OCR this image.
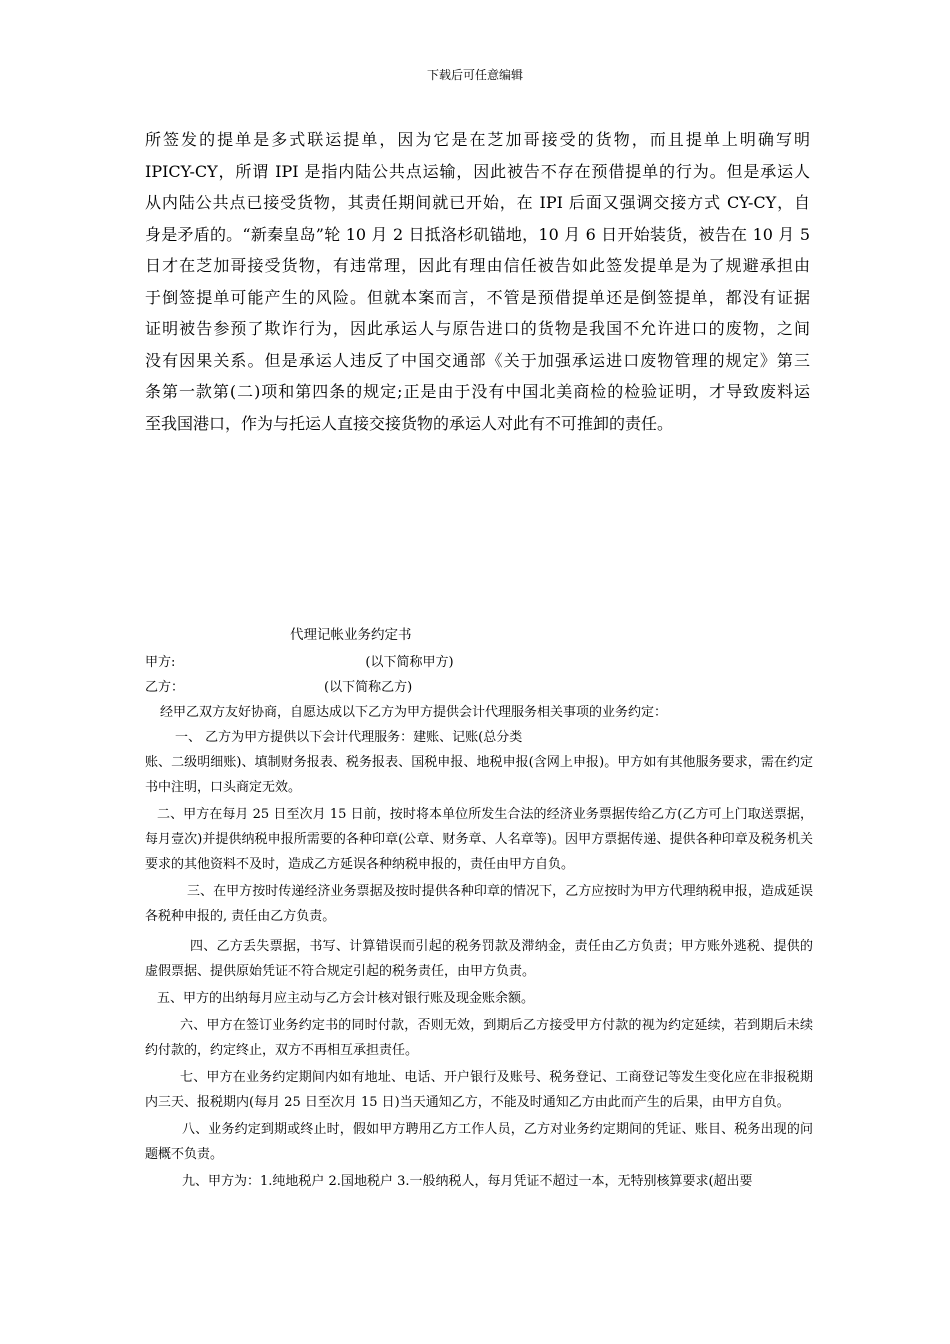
下载后可任意编辑

所签发的提单是多式联运提单，因为它是在芝加哥接受的货物，而且提单上明确写明

IPICY-CY，所谓 IPI 是指内陆公共点运输，因此被告不存在预借提单的行为。但是承运人

从内陆公共点已接受货物，其责任期间就已开始，在 IPI 后面又强调交接方式 CY-CY，自

身是矛盾的。“新秦皇岛”轮 10 月 2 日抵洛杉矶锚地，10 月 6 日开始装货，被告在 10 月 5

日才在芝加哥接受货物，有违常理，因此有理由信任被告如此签发提单是为了规避承担由

于倒签提单可能产生的风险。但就本案而言，不管是预借提单还是倒签提单，都没有证据

证明被告参预了欺诈行为，因此承运人与原告进口的货物是我国不允许进口的废物，之间

没有因果关系。但是承运人违反了中国交通部《关于加强承运进口废物管理的规定》第三

条第一款第(二)项和第四条的规定;正是由于没有中国北美商检的检验证明，才导致废料运

至我国港口，作为与托运人直接交接货物的承运人对此有不可推卸的责任。

代理记帐业务约定书

甲方:	(以下简称甲方)

乙方：	(以下简称乙方)

经甲乙双方友好协商，自愿达成以下乙方为甲方提供会计代理服务相关事项的业务约定：

一、 乙方为甲方提供以下会计代理服务：建账、记账(总分类

账、二级明细账)、填制财务报表、税务报表、国税申报、地税申报(含网上申报)。甲方如有其他服务要求，需在约定书中注明，口头商定无效。

二、甲方在每月 25 日至次月 15 日前，按时将本单位所发生合法的经济业务票据传给乙方(乙方可上门取送票据，每月壹次)并提供纳税申报所需要的各种印章(公章、财务章、人名章等)。因甲方票据传递、提供各种印章及税务机关要求的其他资料不及时，造成乙方延误各种纳税申报的，责任由甲方自负。

三、在甲方按时传递经济业务票据及按时提供各种印章的情况下，乙方应按时为甲方代理纳税申报，造成延误各税种申报的, 责任由乙方负责。

四、乙方丢失票据，书写、计算错误而引起的税务罚款及滞纳金，责任由乙方负责；甲方账外逃税、提供的虚假票据、提供原始凭证不符合规定引起的税务责任，由甲方负责。

五、甲方的出纳每月应主动与乙方会计核对银行账及现金账余额。

六、甲方在签订业务约定书的同时付款，否则无效，到期后乙方接受甲方付款的视为约定延续，若到期后未续约付款的，约定终止，双方不再相互承担责任。

七、甲方在业务约定期间内如有地址、电话、开户银行及账号、税务登记、工商登记等发生变化应在非报税期内三天、报税期内(每月 25 日至次月 15 日)当天通知乙方，不能及时通知乙方由此而产生的后果，由甲方自负。

八、业务约定到期或终止时，假如甲方聘用乙方工作人员，乙方对业务约定期间的凭证、账目、税务出现的问题概不负责。

九、甲方为：1.纯地税户 2.国地税户 3.一般纳税人，每月凭证不超过一本，无特别核算要求(超出要
